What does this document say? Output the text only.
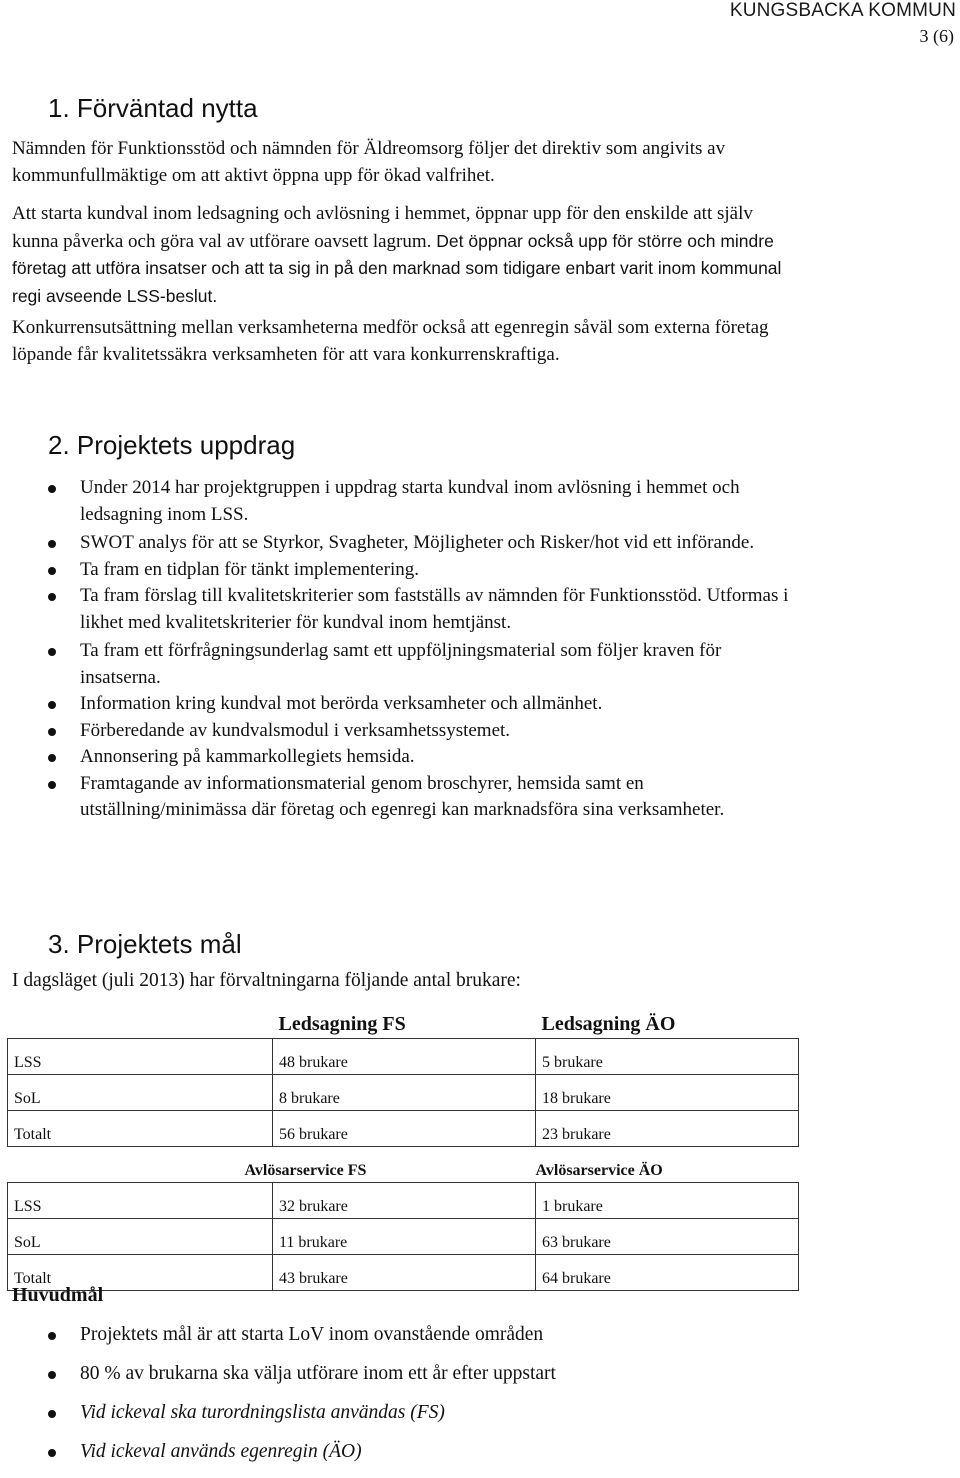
KUNGSBACKA KOMMUN
3 (6)
1. Förväntad nytta
Nämnden för Funktionsstöd och nämnden för Äldreomsorg följer det direktiv som angivits av kommunfullmäktige om att aktivt öppna upp för ökad valfrihet.
Att starta kundval inom ledsagning och avlösning i hemmet, öppnar upp för den enskilde att själv kunna påverka och göra val av utförare oavsett lagrum. Det öppnar också upp för större och mindre företag att utföra insatser och att ta sig in på den marknad som tidigare enbart varit inom kommunal regi avseende LSS-beslut.
Konkurrensutsättning mellan verksamheterna medför också att egenregin såväl som externa företag löpande får kvalitetssäkra verksamheten för att vara konkurrenskraftiga.
2. Projektets uppdrag
Under 2014 har projektgruppen i uppdrag starta kundval inom avlösning i hemmet och ledsagning inom LSS.
SWOT analys för att se Styrkor, Svagheter, Möjligheter och Risker/hot vid ett införande.
Ta fram en tidplan för tänkt implementering.
Ta fram förslag till kvalitetskriterier som fastställs av nämnden för Funktionsstöd. Utformas i likhet med kvalitetskriterier för kundval inom hemtjänst.
Ta fram ett förfrågningsunderlag samt ett uppföljningsmaterial som följer kraven för insatserna.
Information kring kundval mot berörda verksamheter och allmänhet.
Förberedande av kundvalsmodul i verksamhetssystemet.
Annonsering på kammarkollegiets hemsida.
Framtagande av informationsmaterial genom broschyrer, hemsida samt en utställning/minimässa där företag och egenregi kan marknadsföra sina verksamheter.
3. Projektets mål
I dagsläget (juli 2013) har förvaltningarna följande antal brukare:
	Ledsagning FS	Ledsagning ÄO
LSS	48 brukare	5 brukare
SoL	8 brukare	18 brukare
Totalt	56 brukare	23 brukare
	Avlösarservice FS	Avlösarservice ÄO
LSS	32 brukare	1 brukare
SoL	11 brukare	63 brukare
Totalt	43 brukare	64 brukare
Huvudmål
Projektets mål är att starta LoV inom ovanstående områden
80 % av brukarna ska välja utförare inom ett år efter uppstart
Vid ickeval ska turordningslista användas (FS)
Vid ickeval används egenregin (ÄO)
